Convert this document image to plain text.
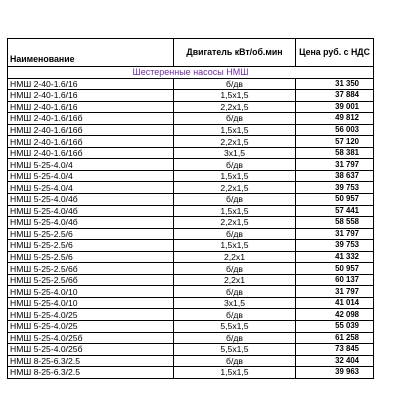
Наименование	Двигатель кВт/об.мин	Цена руб. с НДС
Шестеренные насосы НМШ		
НМШ 2-40-1.6/16	б/дв	31 350
НМШ 2-40-1.6/16	1,5х1,5	37 884
НМШ 2-40-1.6/16	2,2х1,5	39 001
НМШ 2-40-1.6/16б	б/дв	49 812
НМШ 2-40-1.6/16б	1,5х1,5	56 003
НМШ 2-40-1.6/16б	2,2х1,5	57 120
НМШ 2-40-1.6/16б	3х1,5	58 381
НМШ 5-25-4.0/4	б/дв	31 797
НМШ 5-25-4.0/4	1,5х1,5	38 637
НМШ 5-25-4.0/4	2,2х1,5	39 753
НМШ 5-25-4.0/4б	б/дв	50 957
НМШ 5-25-4.0/4б	1,5х1,5	57 441
НМШ 5-25-4.0/4б	2,2х1,5	58 558
НМШ 5-25-2.5/6	б/дв	31 797
НМШ 5-25-2.5/6	1,5х1,5	39 753
НМШ 5-25-2.5/6	2,2х1	41 332
НМШ 5-25-2.5/6б	б/дв	50 957
НМШ 5-25-2.5/6б	2,2х1	60 137
НМШ 5-25-4.0/10	б/дв	31 797
НМШ 5-25-4.0/10	3х1,5	41 014
НМШ 5-25-4.0/25	б/дв	42 098
НМШ 5-25-4.0/25	5,5х1,5	55 039
НМШ 5-25-4.0/25б	б/дв	61 258
НМШ 5-25-4.0/25б	5,5х1,5	73 845
НМШ 8-25-6.3/2.5	б/дв	32 404
НМШ 8-25-6.3/2.5	1,5х1,5	39 963
